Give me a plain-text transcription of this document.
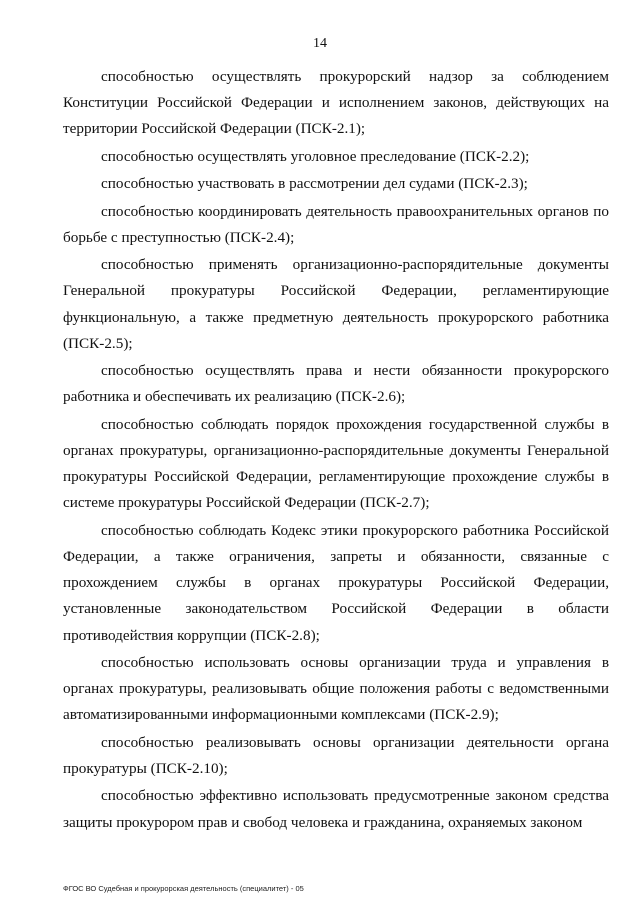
14

способностью осуществлять прокурорский надзор за соблюдением Конституции Российской Федерации и исполнением законов, действующих на территории Российской Федерации (ПСК-2.1);

способностью осуществлять уголовное преследование (ПСК-2.2);

способностью участвовать в рассмотрении дел судами (ПСК-2.3);

способностью координировать деятельность правоохранительных органов по борьбе с преступностью (ПСК-2.4);

способностью применять организационно-распорядительные документы Генеральной прокуратуры Российской Федерации, регламентирующие функциональную, а также предметную деятельность прокурорского работника (ПСК-2.5);

способностью осуществлять права и нести обязанности прокурорского работника и обеспечивать их реализацию (ПСК-2.6);

способностью соблюдать порядок прохождения государственной службы в органах прокуратуры, организационно-распорядительные документы Генеральной прокуратуры Российской Федерации, регламентирующие прохождение службы в системе прокуратуры Российской Федерации (ПСК-2.7);

способностью соблюдать Кодекс этики прокурорского работника Российской Федерации, а также ограничения, запреты и обязанности, связанные с прохождением службы в органах прокуратуры Российской Федерации, установленные законодательством Российской Федерации в области противодействия коррупции (ПСК-2.8);

способностью использовать основы организации труда и управления в органах прокуратуры, реализовывать общие положения работы с ведомственными автоматизированными информационными комплексами (ПСК-2.9);

способностью реализовывать основы организации деятельности органа прокуратуры (ПСК-2.10);

способностью эффективно использовать предусмотренные законом средства защиты прокурором прав и свобод человека и гражданина, охраняемых законом

ФГОС ВО Судебная и прокурорская деятельность (специалитет) - 05
